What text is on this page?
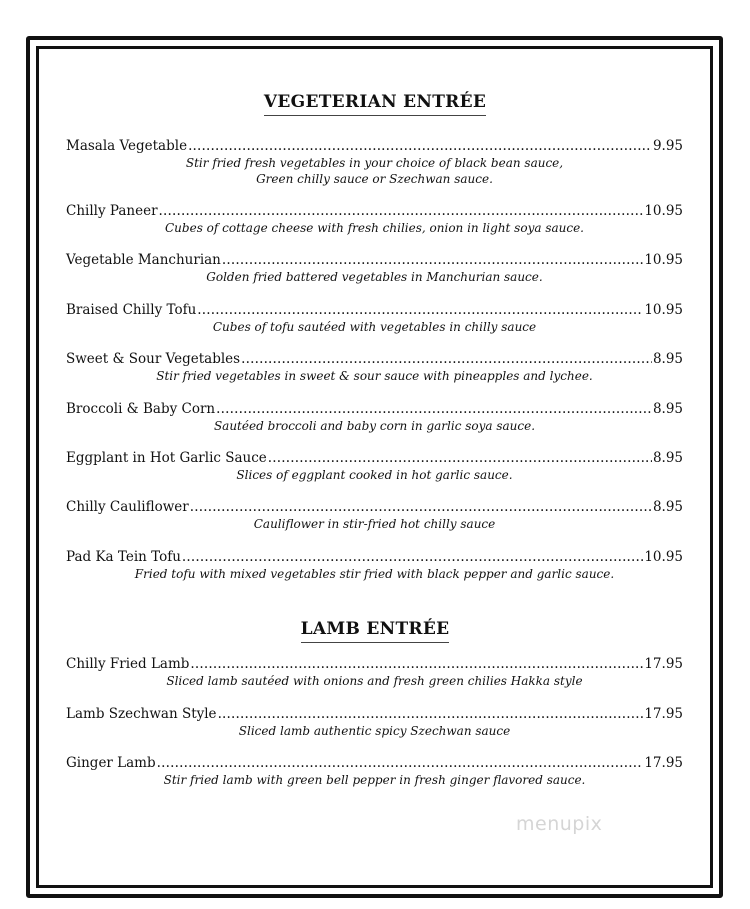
VEGETERIAN ENTRÉE
Masala Vegetable .....	9.95
Stir fried fresh vegetables in your choice of black bean sauce,
Green chilly sauce or Szechwan sauce.
Chilly Paneer .....	10.95
Cubes of cottage cheese with fresh chilies, onion in light soya sauce.
Vegetable Manchurian .....	10.95
Golden fried battered vegetables in Manchurian sauce.
Braised Chilly Tofu .....	10.95
Cubes of tofu sautéed with vegetables in chilly sauce
Sweet & Sour Vegetables .....	8.95
Stir fried vegetables in sweet & sour sauce with pineapples and lychee.
Broccoli & Baby Corn .....	8.95
Sautéed broccoli and baby corn in garlic soya sauce.
Eggplant in Hot Garlic Sauce .....	8.95
Slices of eggplant cooked in hot garlic sauce.
Chilly Cauliflower .....	8.95
Cauliflower in stir-fried hot chilly sauce
Pad Ka Tein Tofu .....	10.95
Fried tofu with mixed vegetables stir fried with black pepper and garlic sauce.
LAMB ENTRÉE
Chilly Fried Lamb .....	17.95
Sliced lamb sautéed with onions and fresh green chilies Hakka style
Lamb Szechwan Style .....	17.95
Sliced lamb authentic spicy Szechwan sauce
Ginger Lamb .....	17.95
Stir fried lamb with green bell pepper in fresh ginger flavored sauce.
menupix
